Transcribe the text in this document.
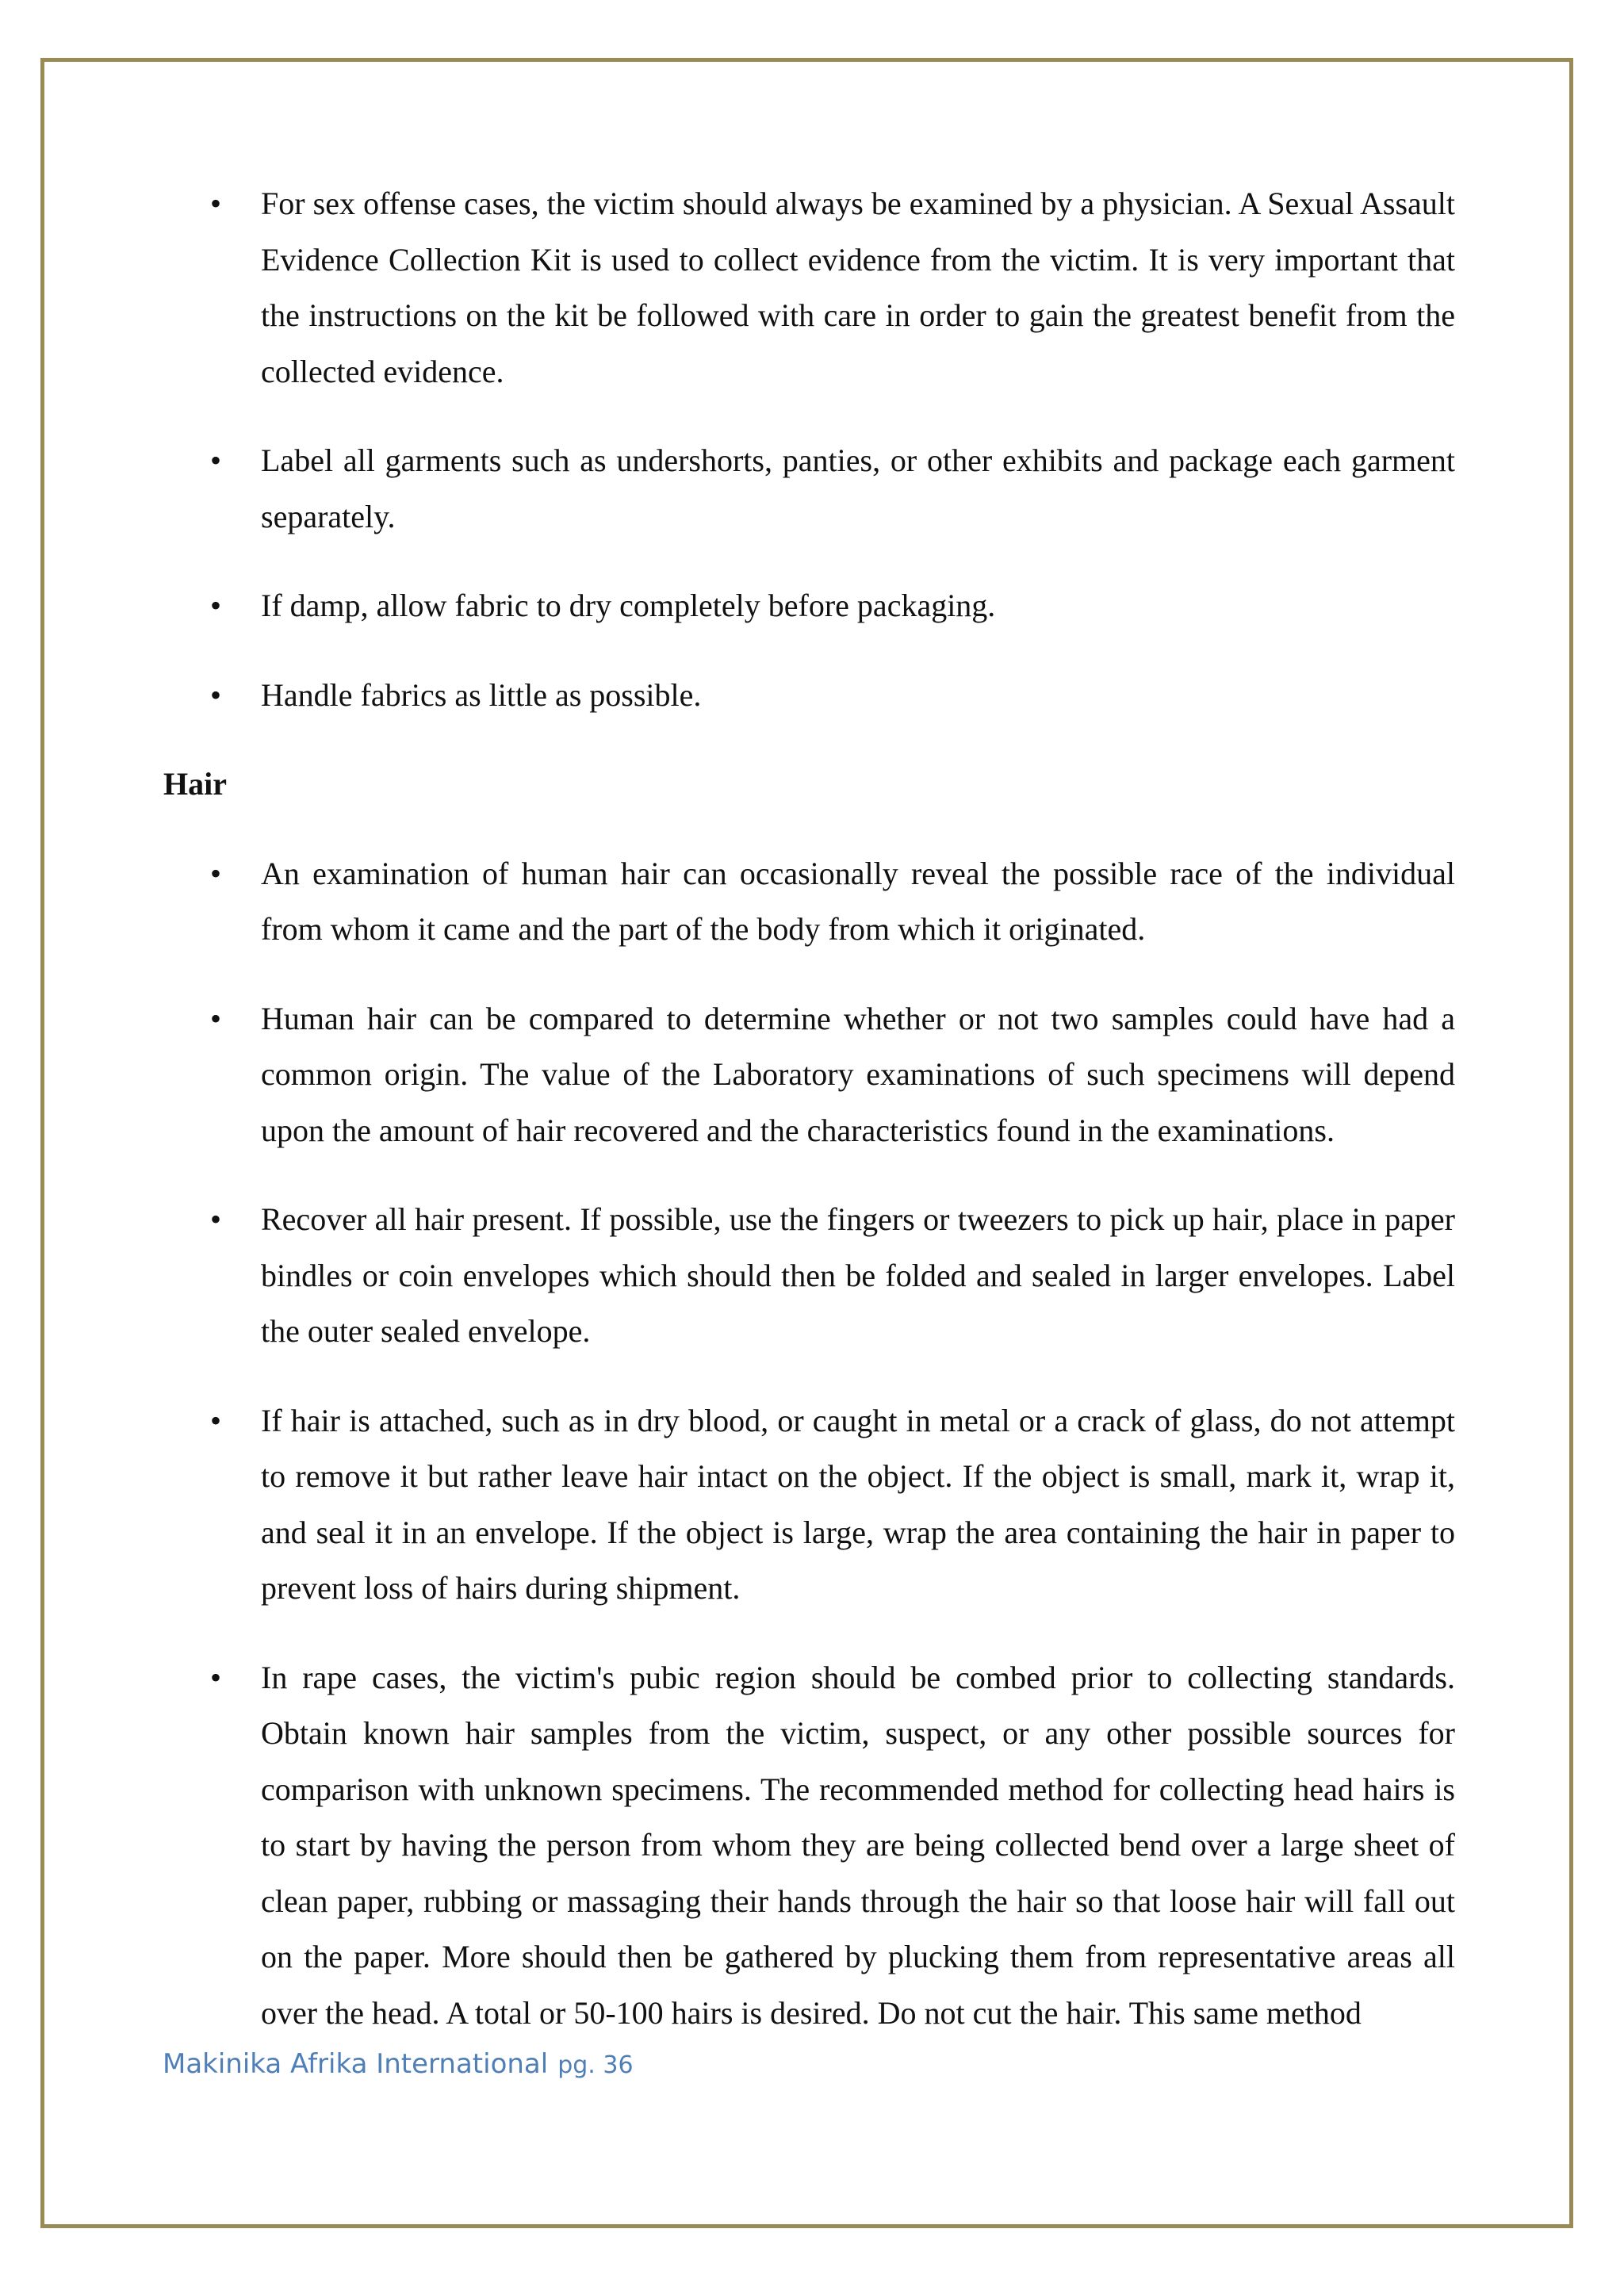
• For sex offense cases, the victim should always be examined by a physician. A Sexual Assault Evidence Collection Kit is used to collect evidence from the victim. It is very important that the instructions on the kit be followed with care in order to gain the greatest benefit from the collected evidence.
• Label all garments such as undershorts, panties, or other exhibits and package each garment separately.
• If damp, allow fabric to dry completely before packaging.
• Handle fabrics as little as possible.
Hair
• An examination of human hair can occasionally reveal the possible race of the individual from whom it came and the part of the body from which it originated.
• Human hair can be compared to determine whether or not two samples could have had a common origin. The value of the Laboratory examinations of such specimens will depend upon the amount of hair recovered and the characteristics found in the examinations.
• Recover all hair present. If possible, use the fingers or tweezers to pick up hair, place in paper bindles or coin envelopes which should then be folded and sealed in larger envelopes. Label the outer sealed envelope.
• If hair is attached, such as in dry blood, or caught in metal or a crack of glass, do not attempt to remove it but rather leave hair intact on the object. If the object is small, mark it, wrap it, and seal it in an envelope. If the object is large, wrap the area containing the hair in paper to prevent loss of hairs during shipment.
• In rape cases, the victim's pubic region should be combed prior to collecting standards. Obtain known hair samples from the victim, suspect, or any other possible sources for comparison with unknown specimens. The recommended method for collecting head hairs is to start by having the person from whom they are being collected bend over a large sheet of clean paper, rubbing or massaging their hands through the hair so that loose hair will fall out on the paper. More should then be gathered by plucking them from representative areas all over the head. A total or 50-100 hairs is desired. Do not cut the hair. This same method
Makinika Afrika International pg. 36
